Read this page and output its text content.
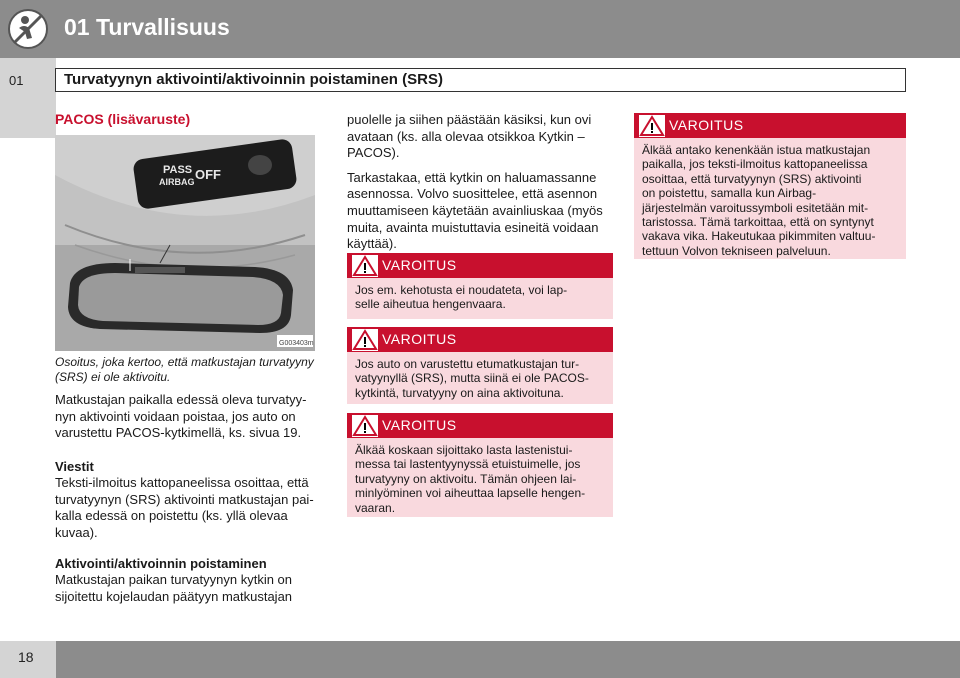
01 Turvallisuus
01	Turvatyynyn aktivointi/aktivoinnin poistaminen (SRS)
PACOS (lisävaruste)
PASS
AIRBAG OFF
G003403m
Osoitus, joka kertoo, että matkustajan turvatyyny (SRS) ei ole aktivoitu.
Matkustajan paikalla edessä oleva turvatyy-
nyn aktivointi voidaan poistaa, jos auto on
varustettu PACOS-kytkimellä, ks. sivua 19.
Viestit
Teksti-ilmoitus kattopaneelissa osoittaa, että
turvatyynyn (SRS) aktivointi matkustajan pai-
kalla edessä on poistettu (ks. yllä olevaa
kuvaa).
Aktivointi/aktivoinnin poistaminen
Matkustajan paikan turvatyynyn kytkin on
sijoitettu kojelaudan päätyyn matkustajan

puolelle ja siihen päästään käsiksi, kun ovi
avataan (ks. alla olevaa otsikkoa Kytkin –
PACOS).

Tarkastakaa, että kytkin on haluamassanne
asennossa. Volvo suosittelee, että asennon
muuttamiseen käytetään avainliuskaa (myös
muita, avainta muistuttavia esineitä voidaan
käyttää).

VAROITUS
Jos em. kehotusta ei noudateta, voi lap-
selle aiheutua hengenvaara.
VAROITUS
Jos auto on varustettu etumatkustajan tur-
vatyynyllä (SRS), mutta siinä ei ole PACOS-
kytkintä, turvatyyny on aina aktivoituna.
VAROITUS
Älkää koskaan sijoittako lasta lastenistui-
messa tai lastentyynyssä etuistuimelle, jos
turvatyyny on aktivoitu. Tämän ohjeen lai-
minlyöminen voi aiheuttaa lapselle hengen-
vaaran.
VAROITUS
Älkää antako kenenkään istua matkustajan
paikalla, jos teksti-ilmoitus kattopaneelissa
osoittaa, että turvatyynyn (SRS) aktivointi
on poistettu, samalla kun Airbag-
järjestelmän varoitussymboli esitetään mit-
taristossa. Tämä tarkoittaa, että on syntynyt
vakava vika. Hakeutukaa pikimmiten valtuu-
tettuun Volvon tekniseen palveluun.
18
